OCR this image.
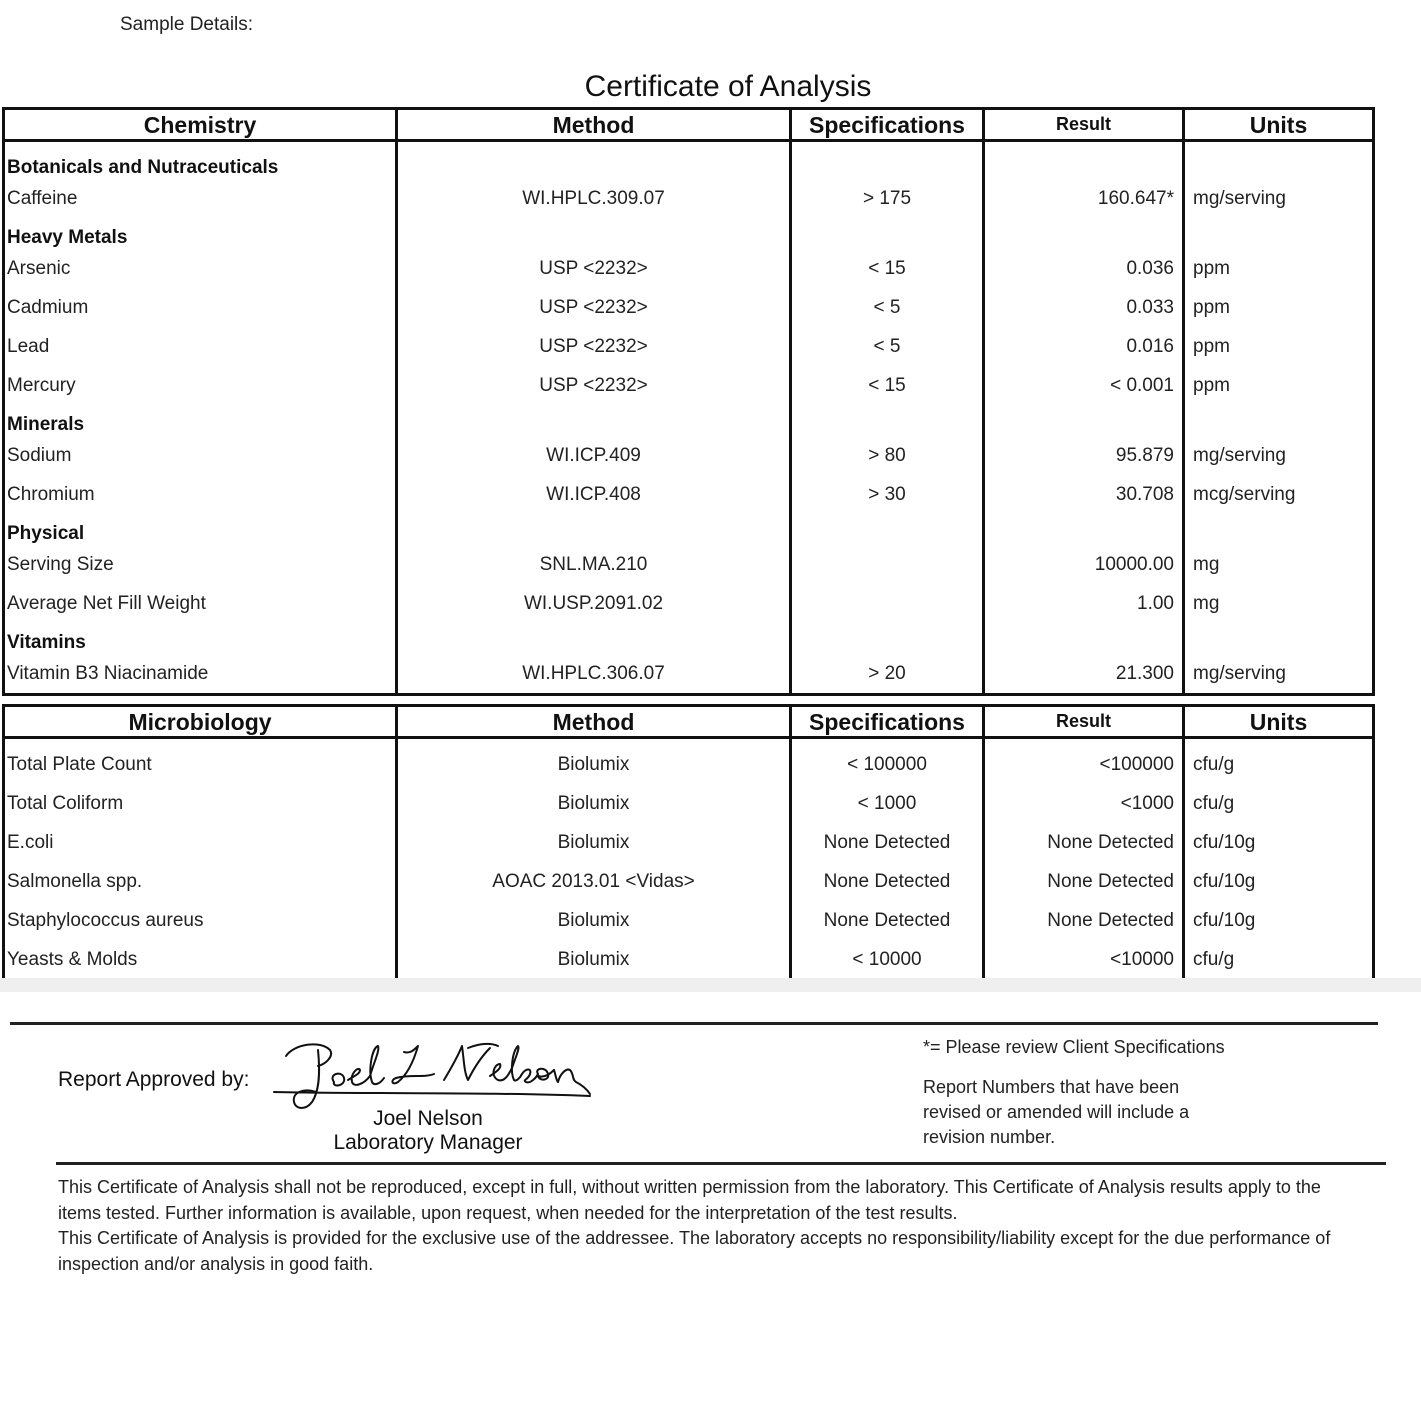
Sample Details:
Certificate of Analysis
Chemistry	Method	Specifications	Result	Units

Botanicals and Nutraceuticals				
Caffeine	WI.HPLC.309.07	> 175	160.647*	mg/serving
Heavy Metals				
Arsenic	USP <2232>	< 15	0.036	ppm
Cadmium	USP <2232>	< 5	0.033	ppm
Lead	USP <2232>	< 5	0.016	ppm
Mercury	USP <2232>	< 15	< 0.001	ppm
Minerals				
Sodium	WI.ICP.409	> 80	95.879	mg/serving
Chromium	WI.ICP.408	> 30	30.708	mcg/serving
Physical				
Serving Size	SNL.MA.210		10000.00	mg
Average Net Fill Weight	WI.USP.2091.02		1.00	mg
Vitamins				
Vitamin B3 Niacinamide	WI.HPLC.306.07	> 20	21.300	mg/serving
Microbiology	Method	Specifications	Result	Units

Total Plate Count	Biolumix	< 100000	<100000	cfu/g
Total Coliform	Biolumix	< 1000	<1000	cfu/g
E.coli	Biolumix	None Detected	None Detected	cfu/10g
Salmonella spp.	AOAC 2013.01 <Vidas>	None Detected	None Detected	cfu/10g
Staphylococcus aureus	Biolumix	None Detected	None Detected	cfu/10g
Yeasts & Molds	Biolumix	< 10000	<10000	cfu/g
Report Approved by:
Joel Nelson
Laboratory Manager
*= Please review Client Specifications
Report Numbers that have been revised or amended will include a revision number.

This Certificate of Analysis shall not be reproduced, except in full, without written permission from the laboratory. This Certificate of Analysis results apply to the items tested. Further information is available, upon request, when needed for the interpretation of the test results.

This Certificate of Analysis is provided for the exclusive use of the addressee. The laboratory accepts no responsibility/liability except for the due performance of inspection and/or analysis in good faith.
